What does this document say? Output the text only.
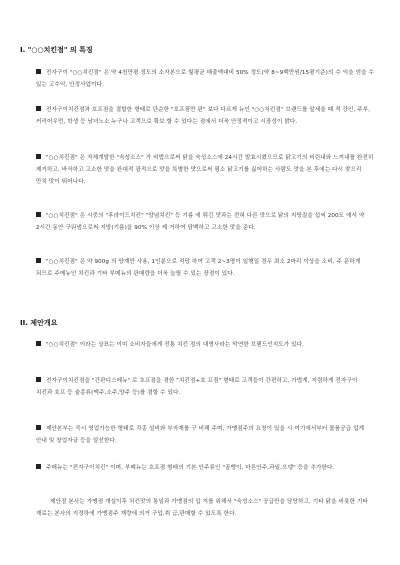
I. "○○치킨점" 의 특징
전자구이 "○○치킨점" 은 약 4천만평 정도의 소자본으로 월평균 매출액대비 50% 정도(약 8~9백만원/15평기준)의 수 익을 얻을 수 있는 고수익, 안정사업이다.
전자구이치킨점과 호프점을 결합한 형태로 단순한 "호프점만 판" 보다 다르게 뉴인 "○○치킨점" 브랜드를 앞세울 때 적 강인, 주부, 커리어우먼, 학생 등 남녀노소 누구나 고객으로 확보 할 수 있다는 점에서 더욱 안정적이고 시장성이 밝다.
"○○치킨점" 은 자체개발한 "숙성소스" 가 비법으로써 닭을 숙성소스에 24시간 발효시켰으므로 닭고기의 비린내와 느끼내를 완전히 제거하고, 바삭하고 고소한 맛을 완대적 광적으로 맛을 특별한 맛으로써 평소 닭고기를 싫어하는 사람도 맛을 본 후에는 다시 찾으리 만치 맛이 뛰어나다.
"○○치킨점" 은 시중의 "후라이드치킨" "양념치킨" 등 기름 에 튀긴 맛과는 전혀 다른 맛으로 닭의 지방질을 섭씨 200도 에서 약 2시간 동안 구워냄으로써 지방(기름)을 90% 이상 제 거하여 담백하고 고소한 맛을 준다.
"○○치킨점" 은 약 900g 의 양계만 사용, 1인분으로 적당 하여 고객 2~3명이 일행일 경우 최소 2마리 이상을 소비, 주 문하게 되므로 주메뉴인 치킨과 기타 부메뉴의 판매량을 더욱 늘릴 수 있는 장점이 있다.
II. 제안개요
"○○치킨점" 이라는 상표는 이미 소비자들에게 전통 치킨 점의 대명사라는 막연한 브랜드인지도가 있다.
전자구이치킨점을 "간판디스메뉴" 로 호프점을 겸한 "치킨점+호 프점" 형태로 고객들이 간편하고, 가볍게, 저렴하게 전자구이 치킨과 호프 등 술종류(맥주,소주,양주 등)를 겸할 수 있다.
제안본부는 즉시 영업가능한 형태로 각종 설비와 부자재를 구 비해 주며, 가맹점주의 요청이 있을 시 여기에서부터 물품공급 업계 안내 및 창업자금 등을 알선한다.
주메뉴는 "전자구이치킨" 이며, 부메뉴는 호프점 형태의 기본 안주류인 "골뱅이, 마른안주,과일,오뎅" 등을 추가한다.
제안점 본사는 가맹점 개설이후 치킨맛의 통일과 가맹점의 입 지를 위해서 "숙성소스" 공급만을 담당하고, 기타 닭을 비롯한 기타 재료는 본사의 지정하에 가맹점주 재량에 의거 구입,취 급,판매할 수 있도록 한다.
